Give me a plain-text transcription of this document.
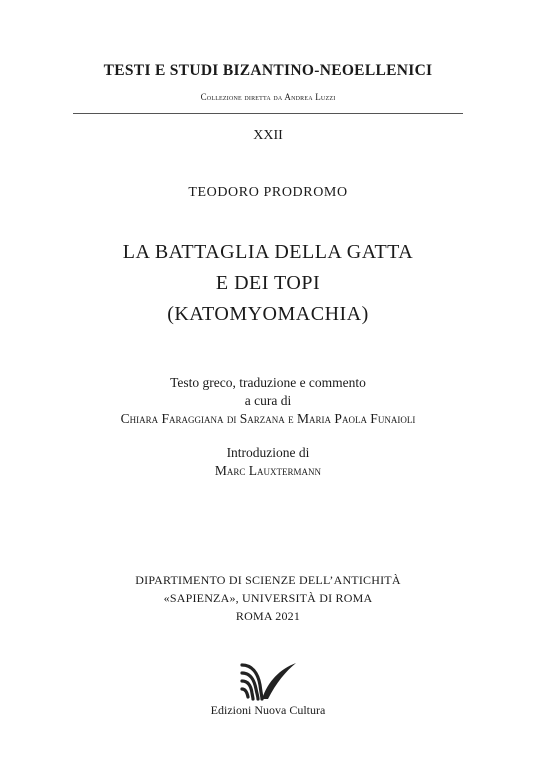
TESTI E STUDI BIZANTINO-NEOELLENICI
Collezione diretta da Andrea Luzzi
XXII
TEODORO PRODROMO
LA BATTAGLIA DELLA GATTA
E DEI TOPI
(KATOMYOMACHIA)
Testo greco, traduzione e commento
a cura di
Chiara Faraggiana di Sarzana e Maria Paola Funaioli
Introduzione di
Marc Lauxtermann
DIPARTIMENTO DI SCIENZE DELL’ANTICHITÀ
«SAPIENZA», UNIVERSITÀ DI ROMA
ROMA 2021
Edizioni Nuova Cultura
